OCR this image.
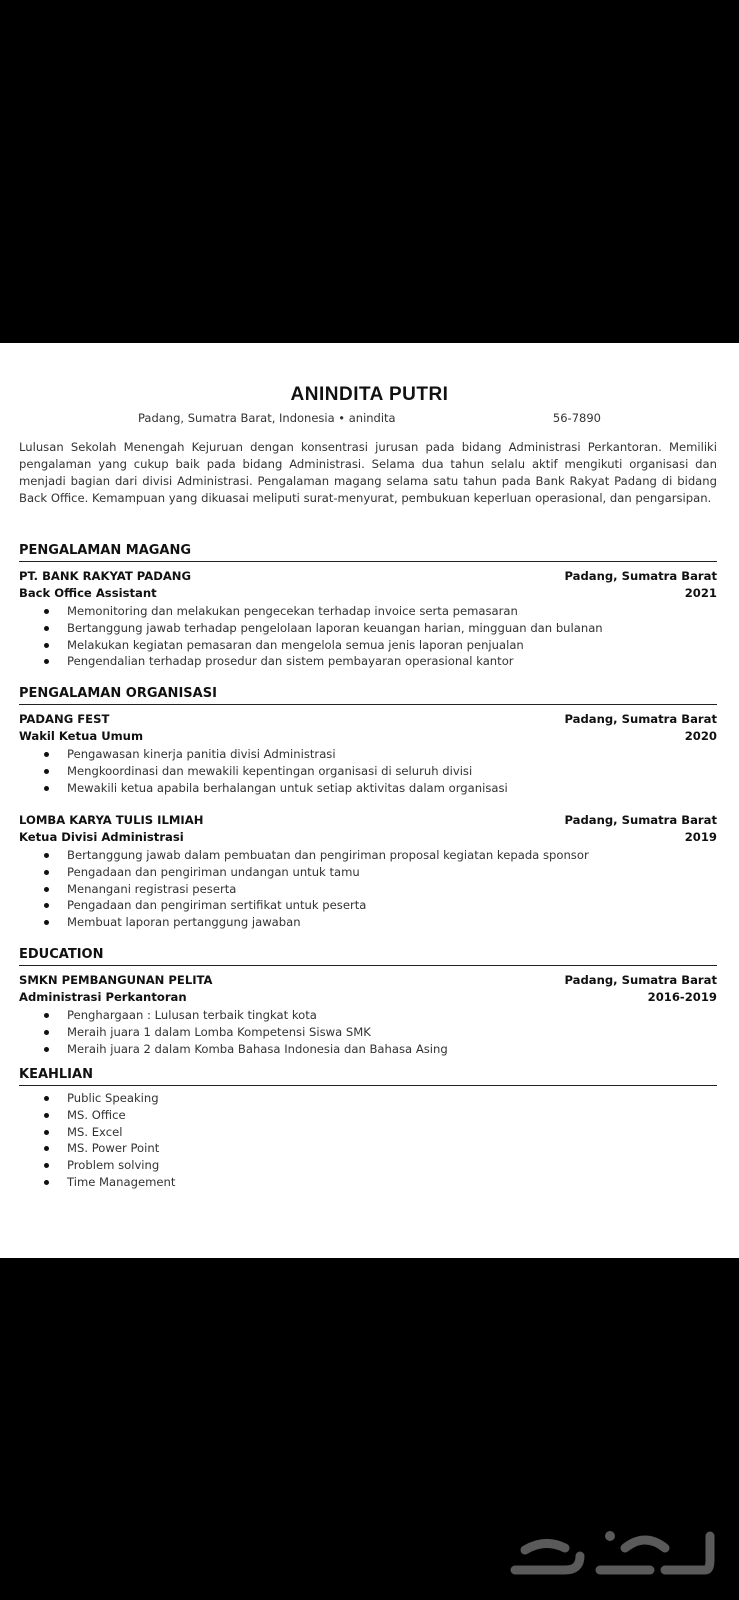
ANINDITA PUTRI
Padang, Sumatra Barat, Indonesia • anindita	56-7890
Lulusan Sekolah Menengah Kejuruan dengan konsentrasi jurusan pada bidang Administrasi Perkantoran. Memiliki pengalaman yang cukup baik pada bidang Administrasi. Selama dua tahun selalu aktif mengikuti organisasi dan menjadi bagian dari divisi Administrasi. Pengalaman magang selama satu tahun pada Bank Rakyat Padang di bidang Back Office. Kemampuan yang dikuasai meliputi surat-menyurat, pembukuan keperluan operasional, dan pengarsipan.
PENGALAMAN MAGANG
PT. BANK RAKYAT PADANG	Padang, Sumatra Barat
Back Office Assistant	2021
Memonitoring dan melakukan pengecekan terhadap invoice serta pemasaran
Bertanggung jawab terhadap pengelolaan laporan keuangan harian, mingguan dan bulanan
Melakukan kegiatan pemasaran dan mengelola semua jenis laporan penjualan
Pengendalian terhadap prosedur dan sistem pembayaran operasional kantor
PENGALAMAN ORGANISASI
PADANG FEST	Padang, Sumatra Barat
Wakil Ketua Umum	2020
Pengawasan kinerja panitia divisi Administrasi
Mengkoordinasi dan mewakili kepentingan organisasi di seluruh divisi
Mewakili ketua apabila berhalangan untuk setiap aktivitas dalam organisasi
LOMBA KARYA TULIS ILMIAH	Padang, Sumatra Barat
Ketua Divisi Administrasi	2019
Bertanggung jawab dalam pembuatan dan pengiriman proposal kegiatan kepada sponsor
Pengadaan dan pengiriman undangan untuk tamu
Menangani registrasi peserta
Pengadaan dan pengiriman sertifikat untuk peserta
Membuat laporan pertanggung jawaban
EDUCATION
SMKN PEMBANGUNAN PELITA	Padang, Sumatra Barat
Administrasi Perkantoran	2016-2019
Penghargaan : Lulusan terbaik tingkat kota
Meraih juara 1 dalam Lomba Kompetensi Siswa SMK
Meraih juara 2 dalam Komba Bahasa Indonesia dan Bahasa Asing
KEAHLIAN
Public Speaking
MS. Office
MS. Excel
MS. Power Point
Problem solving
Time Management
